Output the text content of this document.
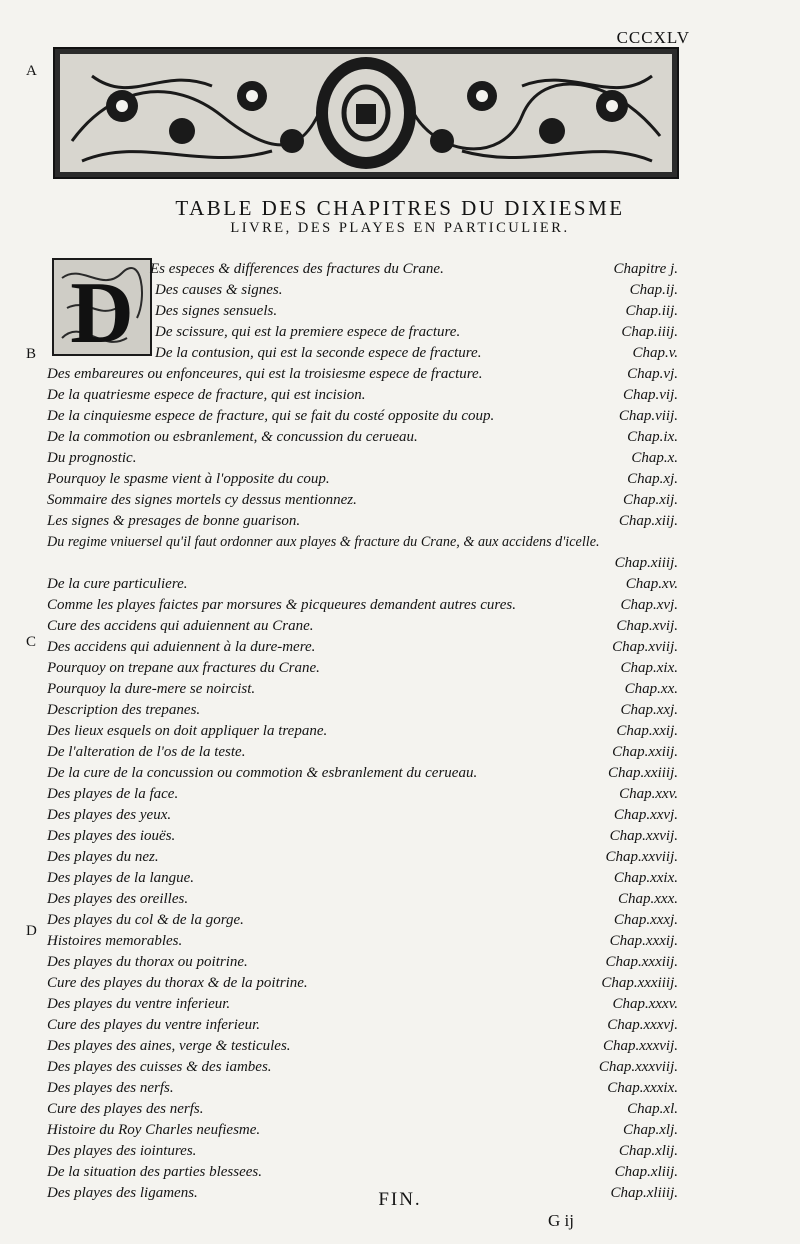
CCCXLV
A
B
C
D
TABLE DES CHAPITRES DU DIXIESME
LIVRE, DES PLAYES EN PARTICULIER.
D Es especes & differences des fractures du Crane.	Chapitre j.
Des causes & signes.	Chap.ij.
Des signes sensuels.	Chap.iij.
De scissure, qui est la premiere espece de fracture.	Chap.iiij.
De la contusion, qui est la seconde espece de fracture.	Chap.v.
Des embareures ou enfonceures, qui est la troisiesme espece de fracture.	Chap.vj.
De la quatriesme espece de fracture, qui est incision.	Chap.vij.
De la cinquiesme espece de fracture, qui se fait du costé opposite du coup.	Chap.viij.
De la commotion ou esbranlement, & concussion du cerueau.	Chap.ix.
Du prognostic.	Chap.x.
Pourquoy le spasme vient à l'opposite du coup.	Chap.xj.
Sommaire des signes mortels cy dessus mentionnez.	Chap.xij.
Les signes & presages de bonne guarison.	Chap.xiij.
Du regime vniuersel qu'il faut ordonner aux playes & fracture du Crane, & aux accidens d'icelle.
Chap.xiiij.
De la cure particuliere.	Chap.xv.
Comme les playes faictes par morsures & picqueures demandent autres cures.	Chap.xvj.
Cure des accidens qui aduiennent au Crane.	Chap.xvij.
Des accidens qui aduiennent à la dure-mere.	Chap.xviij.
Pourquoy on trepane aux fractures du Crane.	Chap.xix.
Pourquoy la dure-mere se noircist.	Chap.xx.
Description des trepanes.	Chap.xxj.
Des lieux esquels on doit appliquer la trepane.	Chap.xxij.
De l'alteration de l'os de la teste.	Chap.xxiij.
De la cure de la concussion ou commotion & esbranlement du cerueau.	Chap.xxiiij.
Des playes de la face.	Chap.xxv.
Des playes des yeux.	Chap.xxvj.
Des playes des iouës.	Chap.xxvij.
Des playes du nez.	Chap.xxviij.
Des playes de la langue.	Chap.xxix.
Des playes des oreilles.	Chap.xxx.
Des playes du col & de la gorge.	Chap.xxxj.
Histoires memorables.	Chap.xxxij.
Des playes du thorax ou poitrine.	Chap.xxxiij.
Cure des playes du thorax & de la poitrine.	Chap.xxxiiij.
Des playes du ventre inferieur.	Chap.xxxv.
Cure des playes du ventre inferieur.	Chap.xxxvj.
Des playes des aines, verge & testicules.	Chap.xxxvij.
Des playes des cuisses & des iambes.	Chap.xxxviij.
Des playes des nerfs.	Chap.xxxix.
Cure des playes des nerfs.	Chap.xl.
Histoire du Roy Charles neufiesme.	Chap.xlj.
Des playes des iointures.	Chap.xlij.
De la situation des parties blessees.	Chap.xliij.
Des playes des ligamens.	Chap.xliiij.
FIN.
G ij
